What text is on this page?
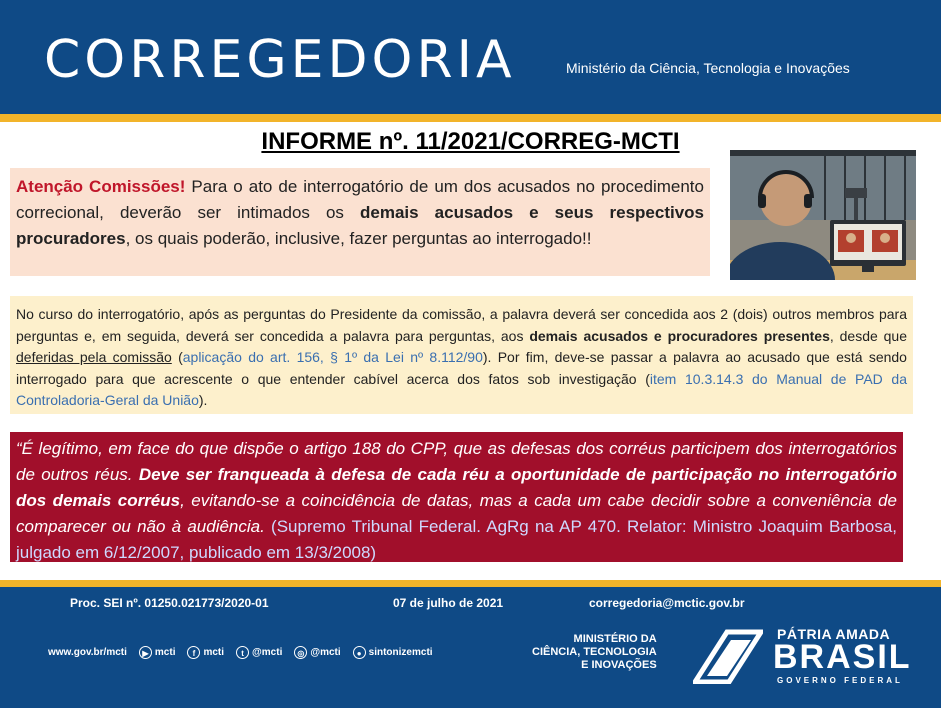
CORREGEDORIA	Ministério da Ciência, Tecnologia e Inovações
INFORME nº. 11/2021/CORREG-MCTI
Atenção Comissões! Para o ato de interrogatório de um dos acusados no procedimento correcional, deverão ser intimados os demais acusados e seus respectivos procuradores, os quais poderão, inclusive, fazer perguntas ao interrogado!!
No curso do interrogatório, após as perguntas do Presidente da comissão, a palavra deverá ser concedida aos 2 (dois) outros membros para perguntas e, em seguida, deverá ser concedida a palavra para perguntas, aos demais acusados e procuradores presentes, desde que deferidas pela comissão (aplicação do art. 156, § 1º da Lei nº 8.112/90). Por fim, deve-se passar a palavra ao acusado que está sendo interrogado para que acrescente o que entender cabível acerca dos fatos sob investigação (item 10.3.14.3 do Manual de PAD da Controladoria-Geral da União).
“É legítimo, em face do que dispõe o artigo 188 do CPP, que as defesas dos corréus participem dos interrogatórios de outros réus. Deve ser franqueada à defesa de cada réu a oportunidade de participação no interrogatório dos demais corréus, evitando-se a coincidência de datas, mas a cada um cabe decidir sobre a conveniência de comparecer ou não à audiência. (Supremo Tribunal Federal. AgRg na AP 470. Relator: Ministro Joaquim Barbosa, julgado em 6/12/2007, publicado em 13/3/2008)
Proc. SEI nº. 01250.021773/2020-01	07 de julho de 2021	corregedoria@mctic.gov.br
www.gov.br/mcti	▶ mcti	f mcti	t @mcti	◎ @mcti	● sintonizemcti
MINISTÉRIO DA
CIÊNCIA, TECNOLOGIA
E INOVAÇÕES
PÁTRIA AMADA
BRASIL
GOVERNO FEDERAL
